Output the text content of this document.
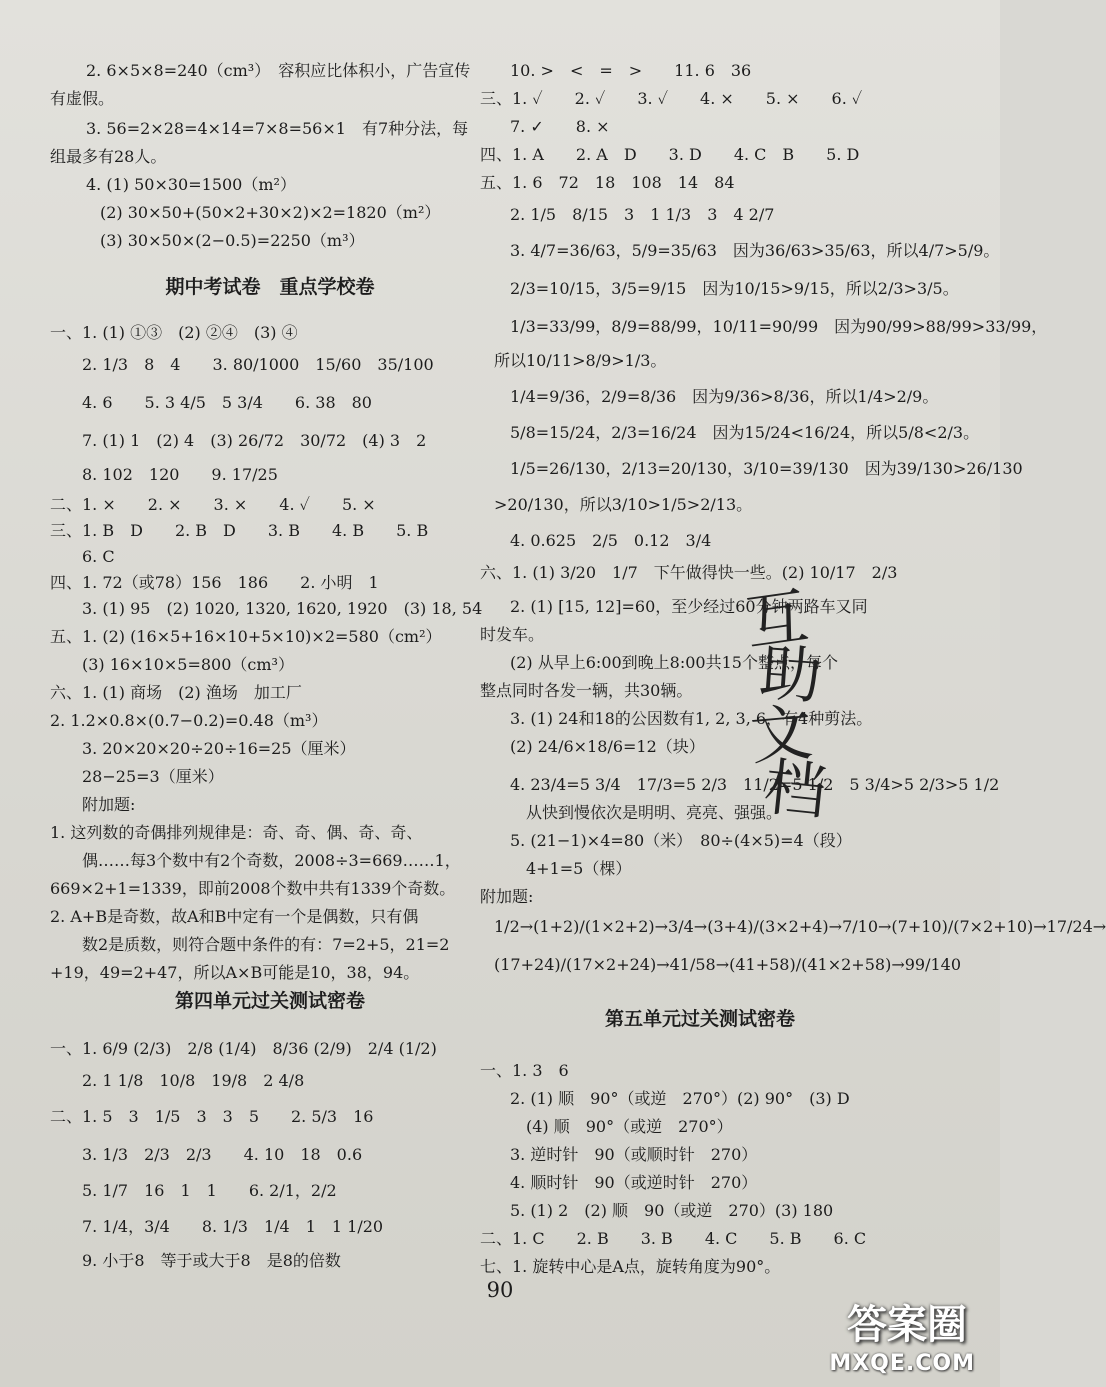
2. 6×5×8=240（cm³）　容积应比体积小，广告宣传
有虚假。
3. 56=2×28=4×14=7×8=56×1　有7种分法，每
组最多有28人。
4. (1) 50×30=1500（m²）
(2) 30×50+(50×2+30×2)×2=1820（m²）
(3) 30×50×(2−0.5)=2250（m³）
期中考试卷　重点学校卷
一、1. (1) ①③　(2) ②④　(3) ④
2. 1/3　8　4　　3. 80/1000　15/60　35/100
4. 6　　5. 3 4/5　5 3/4　　6. 38　80
7. (1) 1　(2) 4　(3) 26/72　30/72　(4) 3　2
8. 102　120　　9. 17/25
二、1. ×　　2. ×　　3. ×　　4. ✓　　5. ×
三、1. B　D　　2. B　D　　3. B　　4. B　　5. B
6. C
四、1. 72（或78）156　186　　2. 小明　1
3. (1) 95　(2) 1020, 1320, 1620, 1920　(3) 18, 54
五、1. (2) (16×5+16×10+5×10)×2=580（cm²）
(3) 16×10×5=800（cm³）
六、1. (1) 商场　(2) 渔场　加工厂
2. 1.2×0.8×(0.7−0.2)=0.48（m³）
3. 20×20×20÷20÷16=25（厘米）
28−25=3（厘米）
附加题:
1. 这列数的奇偶排列规律是：奇、奇、偶、奇、奇、
偶……每3个数中有2个奇数，2008÷3=669……1，
669×2+1=1339，即前2008个数中共有1339个奇数。
2. A+B是奇数，故A和B中定有一个是偶数，只有偶
数2是质数，则符合题中条件的有：7=2+5，21=2
+19，49=2+47，所以A×B可能是10，38，94。
第四单元过关测试密卷
一、1. 6/9 (2/3)　2/8 (1/4)　8/36 (2/9)　2/4 (1/2)
2. 1 1/8　10/8　19/8　2 4/8
二、1. 5　3　1/5　3　3　5　　2. 5/3　16
3. 1/3　2/3　2/3　　4. 10　18　0.6
5. 1/7　16　1　1　　6. 2/1，2/2
7. 1/4，3/4　　8. 1/3　1/4　1　1 1/20
9. 小于8　等于或大于8　是8的倍数
10. >　<　=　>　　11. 6　36
三、1. ✓　　2. ✓　　3. ✓　　4. ×　　5. ×　　6. ✓
7. ✓　　8. ×
四、1. A　　2. A　D　　3. D　　4. C　B　　5. D
五、1. 6　72　18　108　14　84
2. 1/5　8/15　3　1 1/3　3　4 2/7
3. 4/7=36/63，5/9=35/63　因为36/63>35/63，所以4/7>5/9。
2/3=10/15，3/5=9/15　因为10/15>9/15，所以2/3>3/5。
1/3=33/99，8/9=88/99，10/11=90/99　因为90/99>88/99>33/99，
所以10/11>8/9>1/3。
1/4=9/36，2/9=8/36　因为9/36>8/36，所以1/4>2/9。
5/8=15/24，2/3=16/24　因为15/24<16/24，所以5/8<2/3。
1/5=26/130，2/13=20/130，3/10=39/130　因为39/130>26/130
>20/130，所以3/10>1/5>2/13。
4. 0.625　2/5　0.12　3/4
六、1. (1) 3/20　1/7　下午做得快一些。(2) 10/17　2/3
2. (1) [15, 12]=60，至少经过60分钟两路车又同
时发车。
(2) 从早上6:00到晚上8:00共15个整点，每个
整点同时各发一辆，共30辆。
3. (1) 24和18的公因数有1, 2, 3, 6，有4种剪法。
(2) 24/6×18/6=12（块）
4. 23/4=5 3/4　17/3=5 2/3　11/2=5 1/2　5 3/4>5 2/3>5 1/2
从快到慢依次是明明、亮亮、强强。
5. (21−1)×4=80（米）　80÷(4×5)=4（段）
4+1=5（棵）
附加题:
1/2→(1+2)/(1×2+2)→3/4→(3+4)/(3×2+4)→7/10→(7+10)/(7×2+10)→17/24→
(17+24)/(17×2+24)→41/58→(41+58)/(41×2+58)→99/140
第五单元过关测试密卷
一、1. 3　6
2. (1) 顺　90°（或逆　270°）(2) 90°　(3) D
(4) 顺　90°（或逆　270°）
3. 逆时针　90（或顺时针　270）
4. 顺时针　90（或逆时针　270）
5. (1) 2　(2) 顺　90（或逆　270）(3) 180
二、1. C　　2. B　　3. B　　4. C　　5. B　　6. C
七、1. 旋转中心是A点，旋转角度为90°。
互
助
文
档
90
答案圈
MXQE.COM
